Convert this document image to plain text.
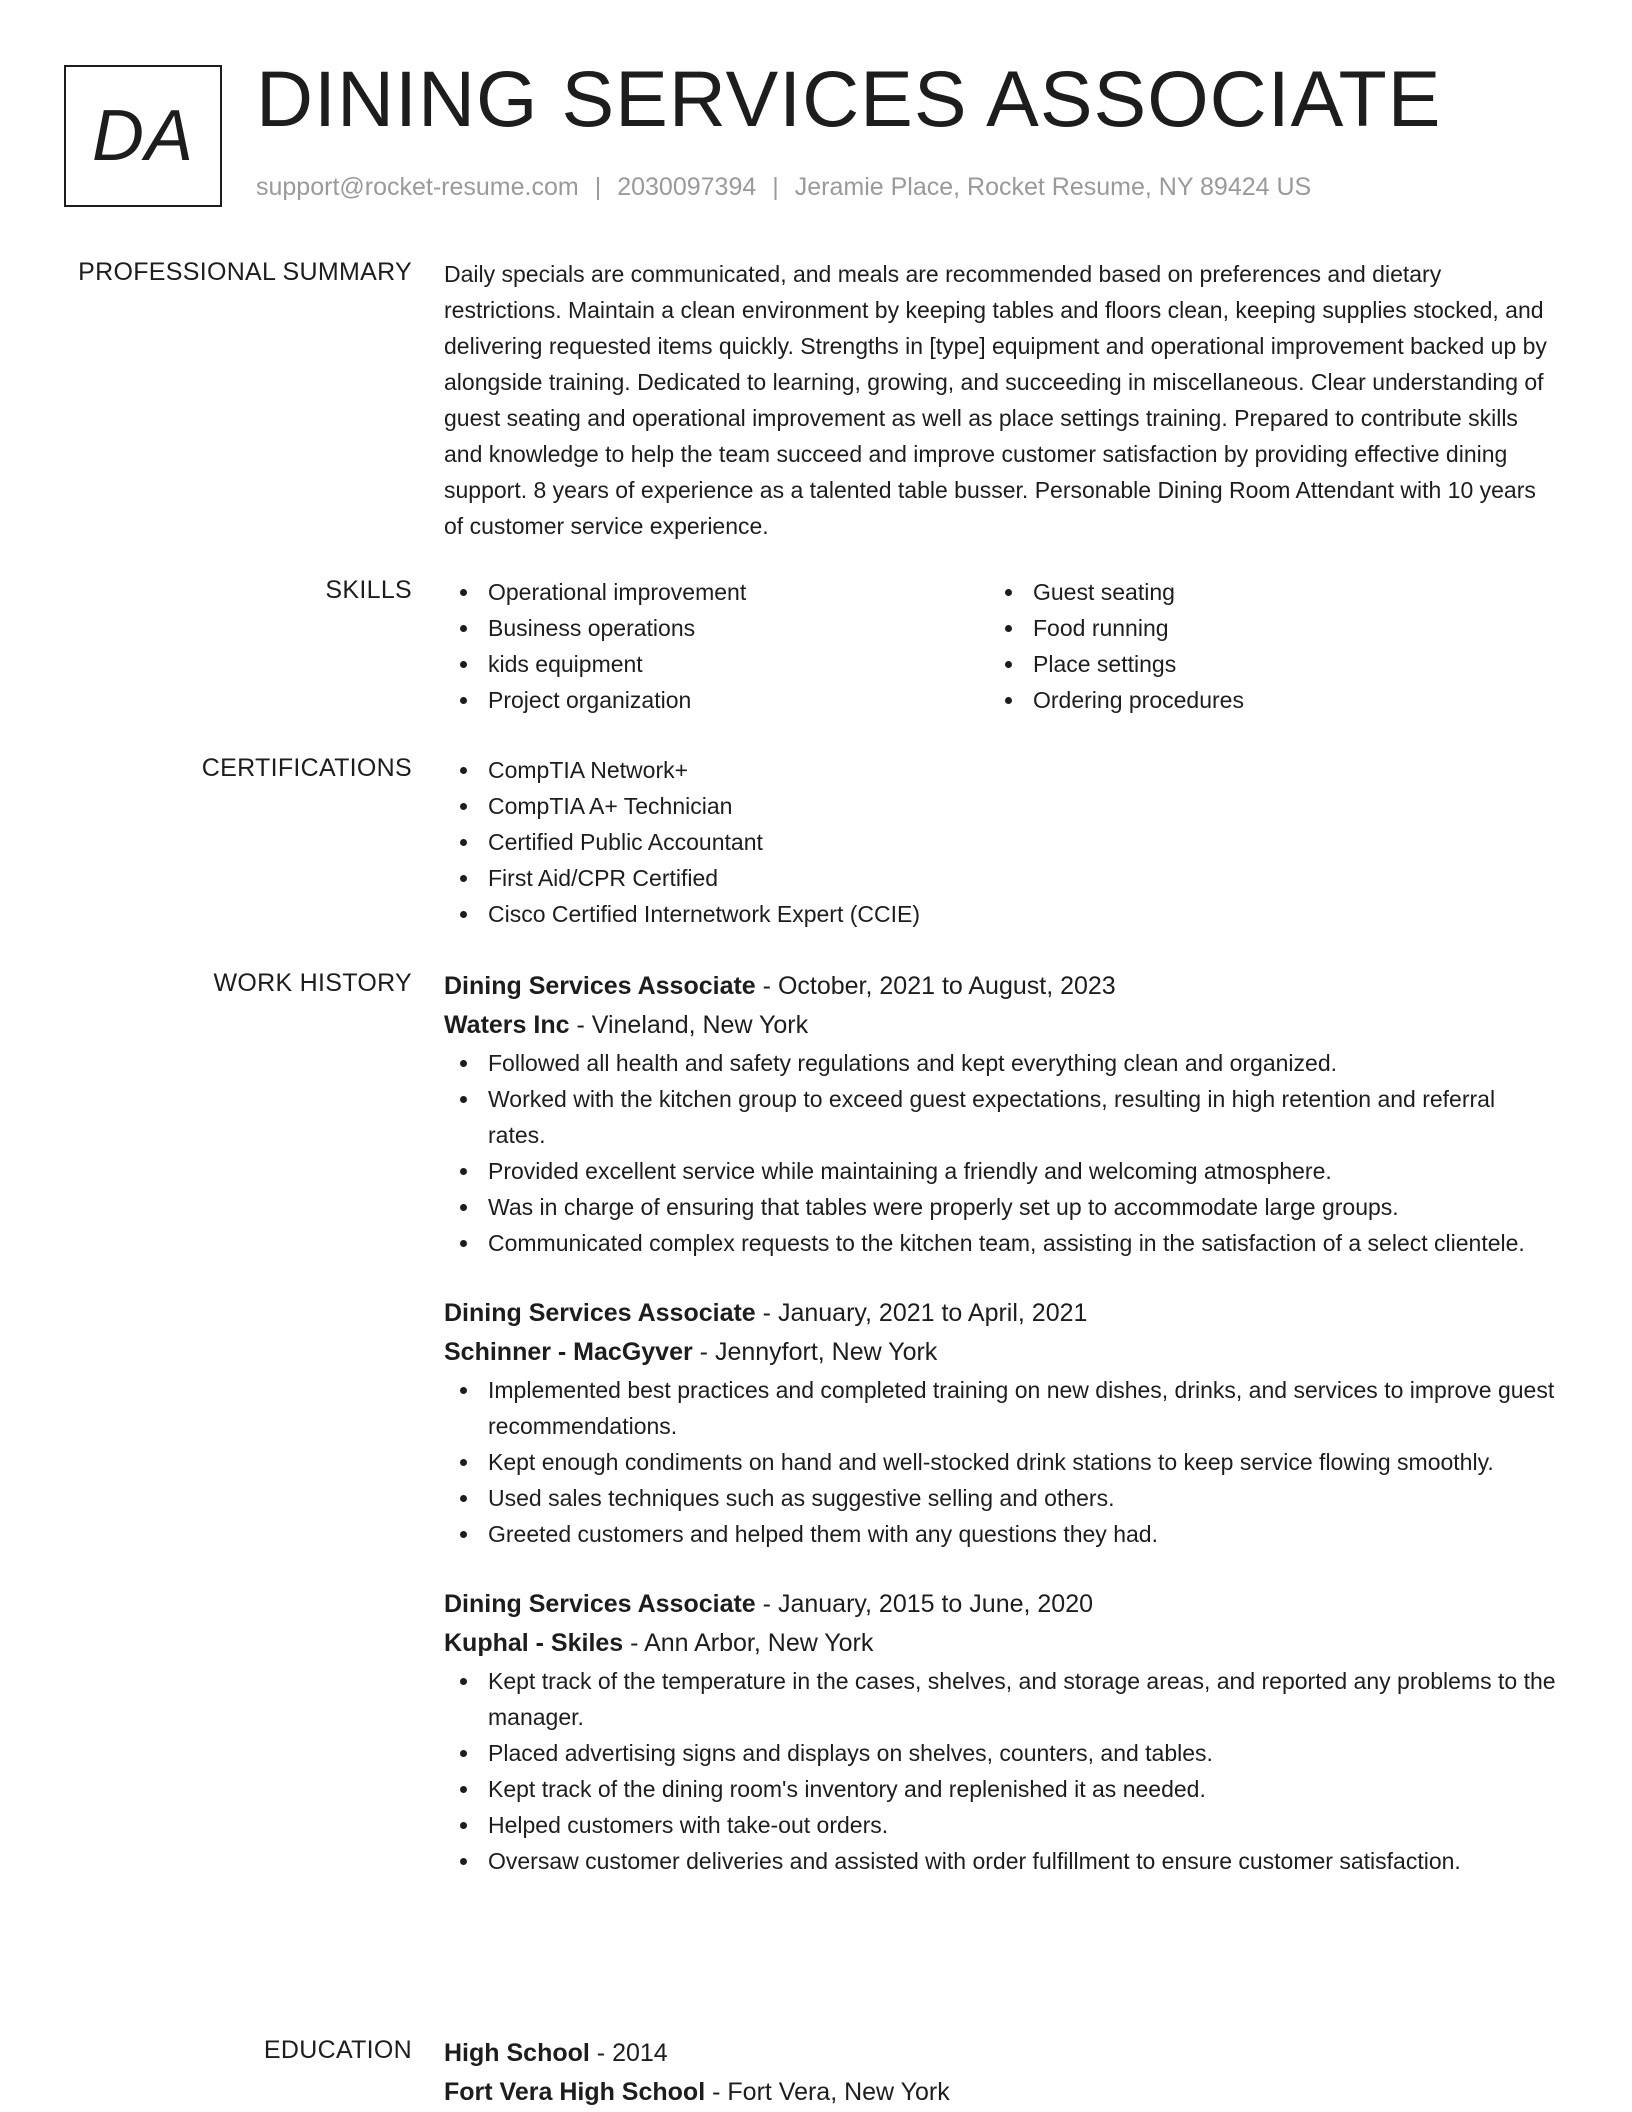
DA DINING SERVICES ASSOCIATE
support@rocket-resume.com | 2030097394 | Jeramie Place, Rocket Resume, NY 89424 US
PROFESSIONAL SUMMARY Daily specials are communicated, and meals are recommended based on preferences and dietary restrictions. Maintain a clean environment by keeping tables and floors clean, keeping supplies stocked, and delivering requested items quickly. Strengths in [type] equipment and operational improvement backed up by alongside training. Dedicated to learning, growing, and succeeding in miscellaneous. Clear understanding of guest seating and operational improvement as well as place settings training. Prepared to contribute skills and knowledge to help the team succeed and improve customer satisfaction by providing effective dining support. 8 years of experience as a talented table busser. Personable Dining Room Attendant with 10 years of customer service experience.

SKILLS	Operational improvement
Business operations
kids equipment
Project organization
Guest seating
Food running
Place settings
Ordering procedures
CERTIFICATIONS	CompTIA Network+
CompTIA A+ Technician
Certified Public Accountant
First Aid/CPR Certified
Cisco Certified Internetwork Expert (CCIE)
WORK HISTORY Dining Services Associate - October, 2021 to August, 2023
Waters Inc - Vineland, New York
Followed all health and safety regulations and kept everything clean and organized.
Worked with the kitchen group to exceed guest expectations, resulting in high retention and referral rates.
Provided excellent service while maintaining a friendly and welcoming atmosphere.
Was in charge of ensuring that tables were properly set up to accommodate large groups.
Communicated complex requests to the kitchen team, assisting in the satisfaction of a select clientele.
Dining Services Associate - January, 2021 to April, 2021
Schinner - MacGyver - Jennyfort, New York
Implemented best practices and completed training on new dishes, drinks, and services to improve guest recommendations.
Kept enough condiments on hand and well-stocked drink stations to keep service flowing smoothly.
Used sales techniques such as suggestive selling and others.
Greeted customers and helped them with any questions they had.
Dining Services Associate - January, 2015 to June, 2020
Kuphal - Skiles - Ann Arbor, New York
Kept track of the temperature in the cases, shelves, and storage areas, and reported any problems to the manager.
Placed advertising signs and displays on shelves, counters, and tables.
Kept track of the dining room's inventory and replenished it as needed.
Helped customers with take-out orders.
Oversaw customer deliveries and assisted with order fulfillment to ensure customer satisfaction.
EDUCATION High School - 2014
Fort Vera High School - Fort Vera, New York
